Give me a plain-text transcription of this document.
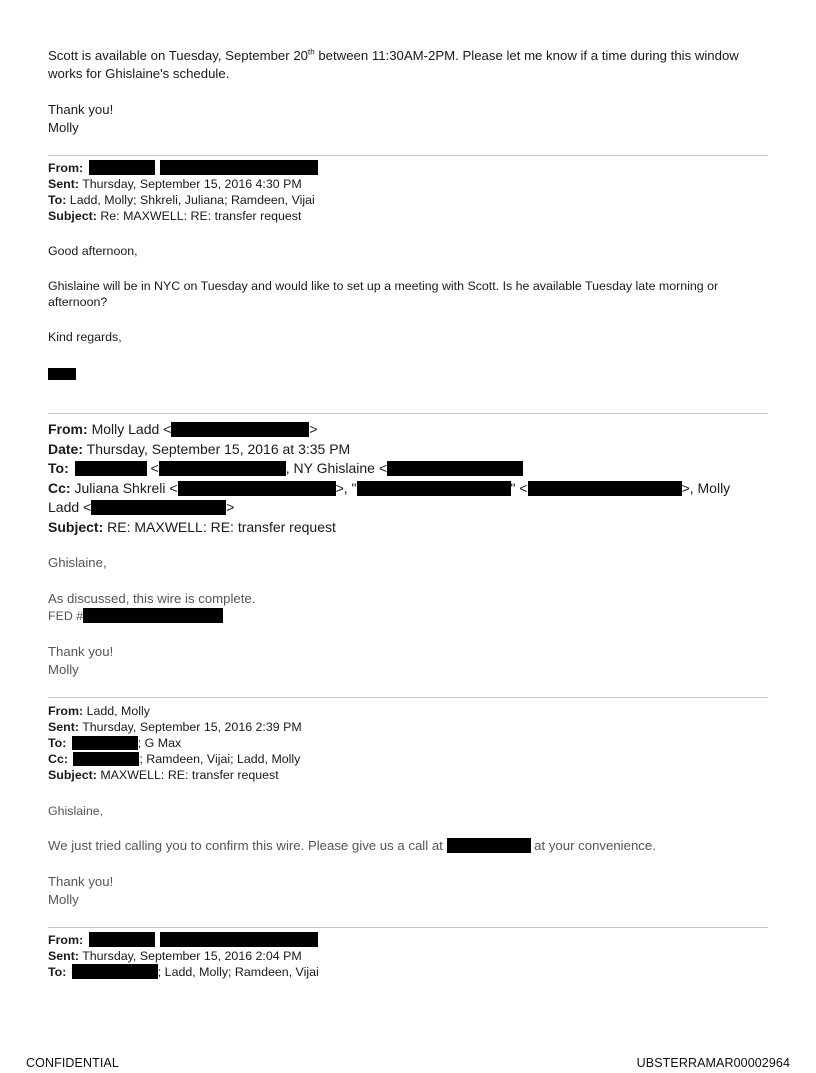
Scott is available on Tuesday, September 20th between 11:30AM-2PM. Please let me know if a time during this window
works for Ghislaine's schedule.
Thank you!
Molly
From:
Sent: Thursday, September 15, 2016 4:30 PM
To: Ladd, Molly; Shkreli, Juliana; Ramdeen, Vijai
Subject: Re: MAXWELL: RE: transfer request
Good afternoon,
Ghislaine will be in NYC on Tuesday and would like to set up a meeting with Scott. Is he available Tuesday late morning or
afternoon?
Kind regards,
From: Molly Ladd <	>
Date: Thursday, September 15, 2016 at 3:35 PM
To:	<	, NY Ghislaine <
Cc: Juliana Shkreli <	>, "	" <	>, Molly
Ladd <	>
Subject: RE: MAXWELL: RE: transfer request
Ghislaine,
As discussed, this wire is complete.
FED #
Thank you!
Molly
From: Ladd, Molly
Sent: Thursday, September 15, 2016 2:39 PM
To:	; G Max
Cc:	; Ramdeen, Vijai; Ladd, Molly
Subject: MAXWELL: RE: transfer request
Ghislaine,
We just tried calling you to confirm this wire. Please give us a call at	at your convenience.
Thank you!
Molly
From:
Sent: Thursday, September 15, 2016 2:04 PM
To:	; Ladd, Molly; Ramdeen, Vijai
CONFIDENTIAL	UBSTERRAMAR00002964
